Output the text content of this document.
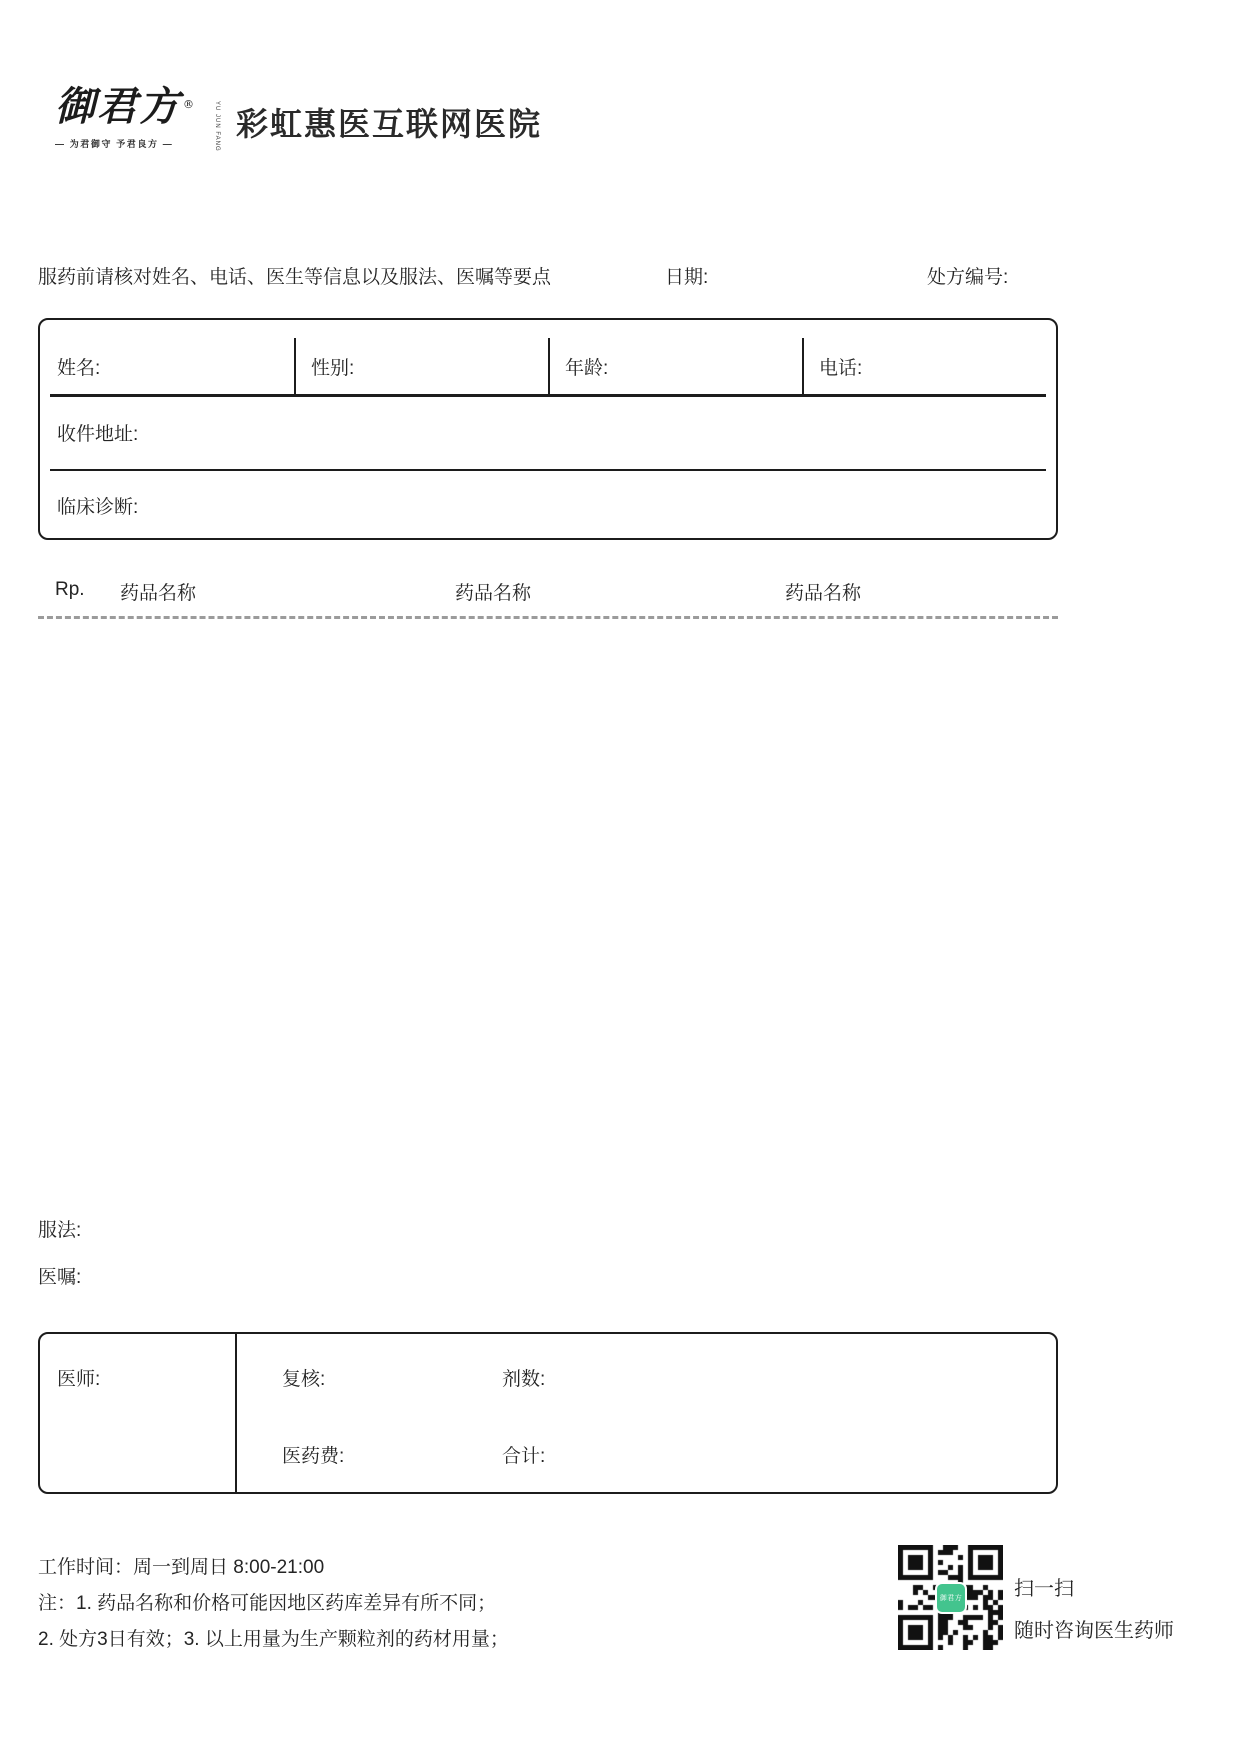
御君方 ®	YU JUN FANG
— 为君御守 予君良方 —
彩虹惠医互联网医院
服药前请核对姓名、电话、医生等信息以及服法、医嘱等要点	日期:	处方编号:
姓名:	性别:	年龄:	电话:
收件地址:
临床诊断:
Rp. 药品名称	药品名称	药品名称
服法:
医嘱:
医师:	复核:	剂数:
医药费:	合计:
工作时间：周一到周日 8:00-21:00
注：1. 药品名称和价格可能因地区药库差异有所不同；
2. 处方3日有效；3. 以上用量为生产颗粒剂的药材用量；
御君方	扫一扫
随时咨询医生药师
